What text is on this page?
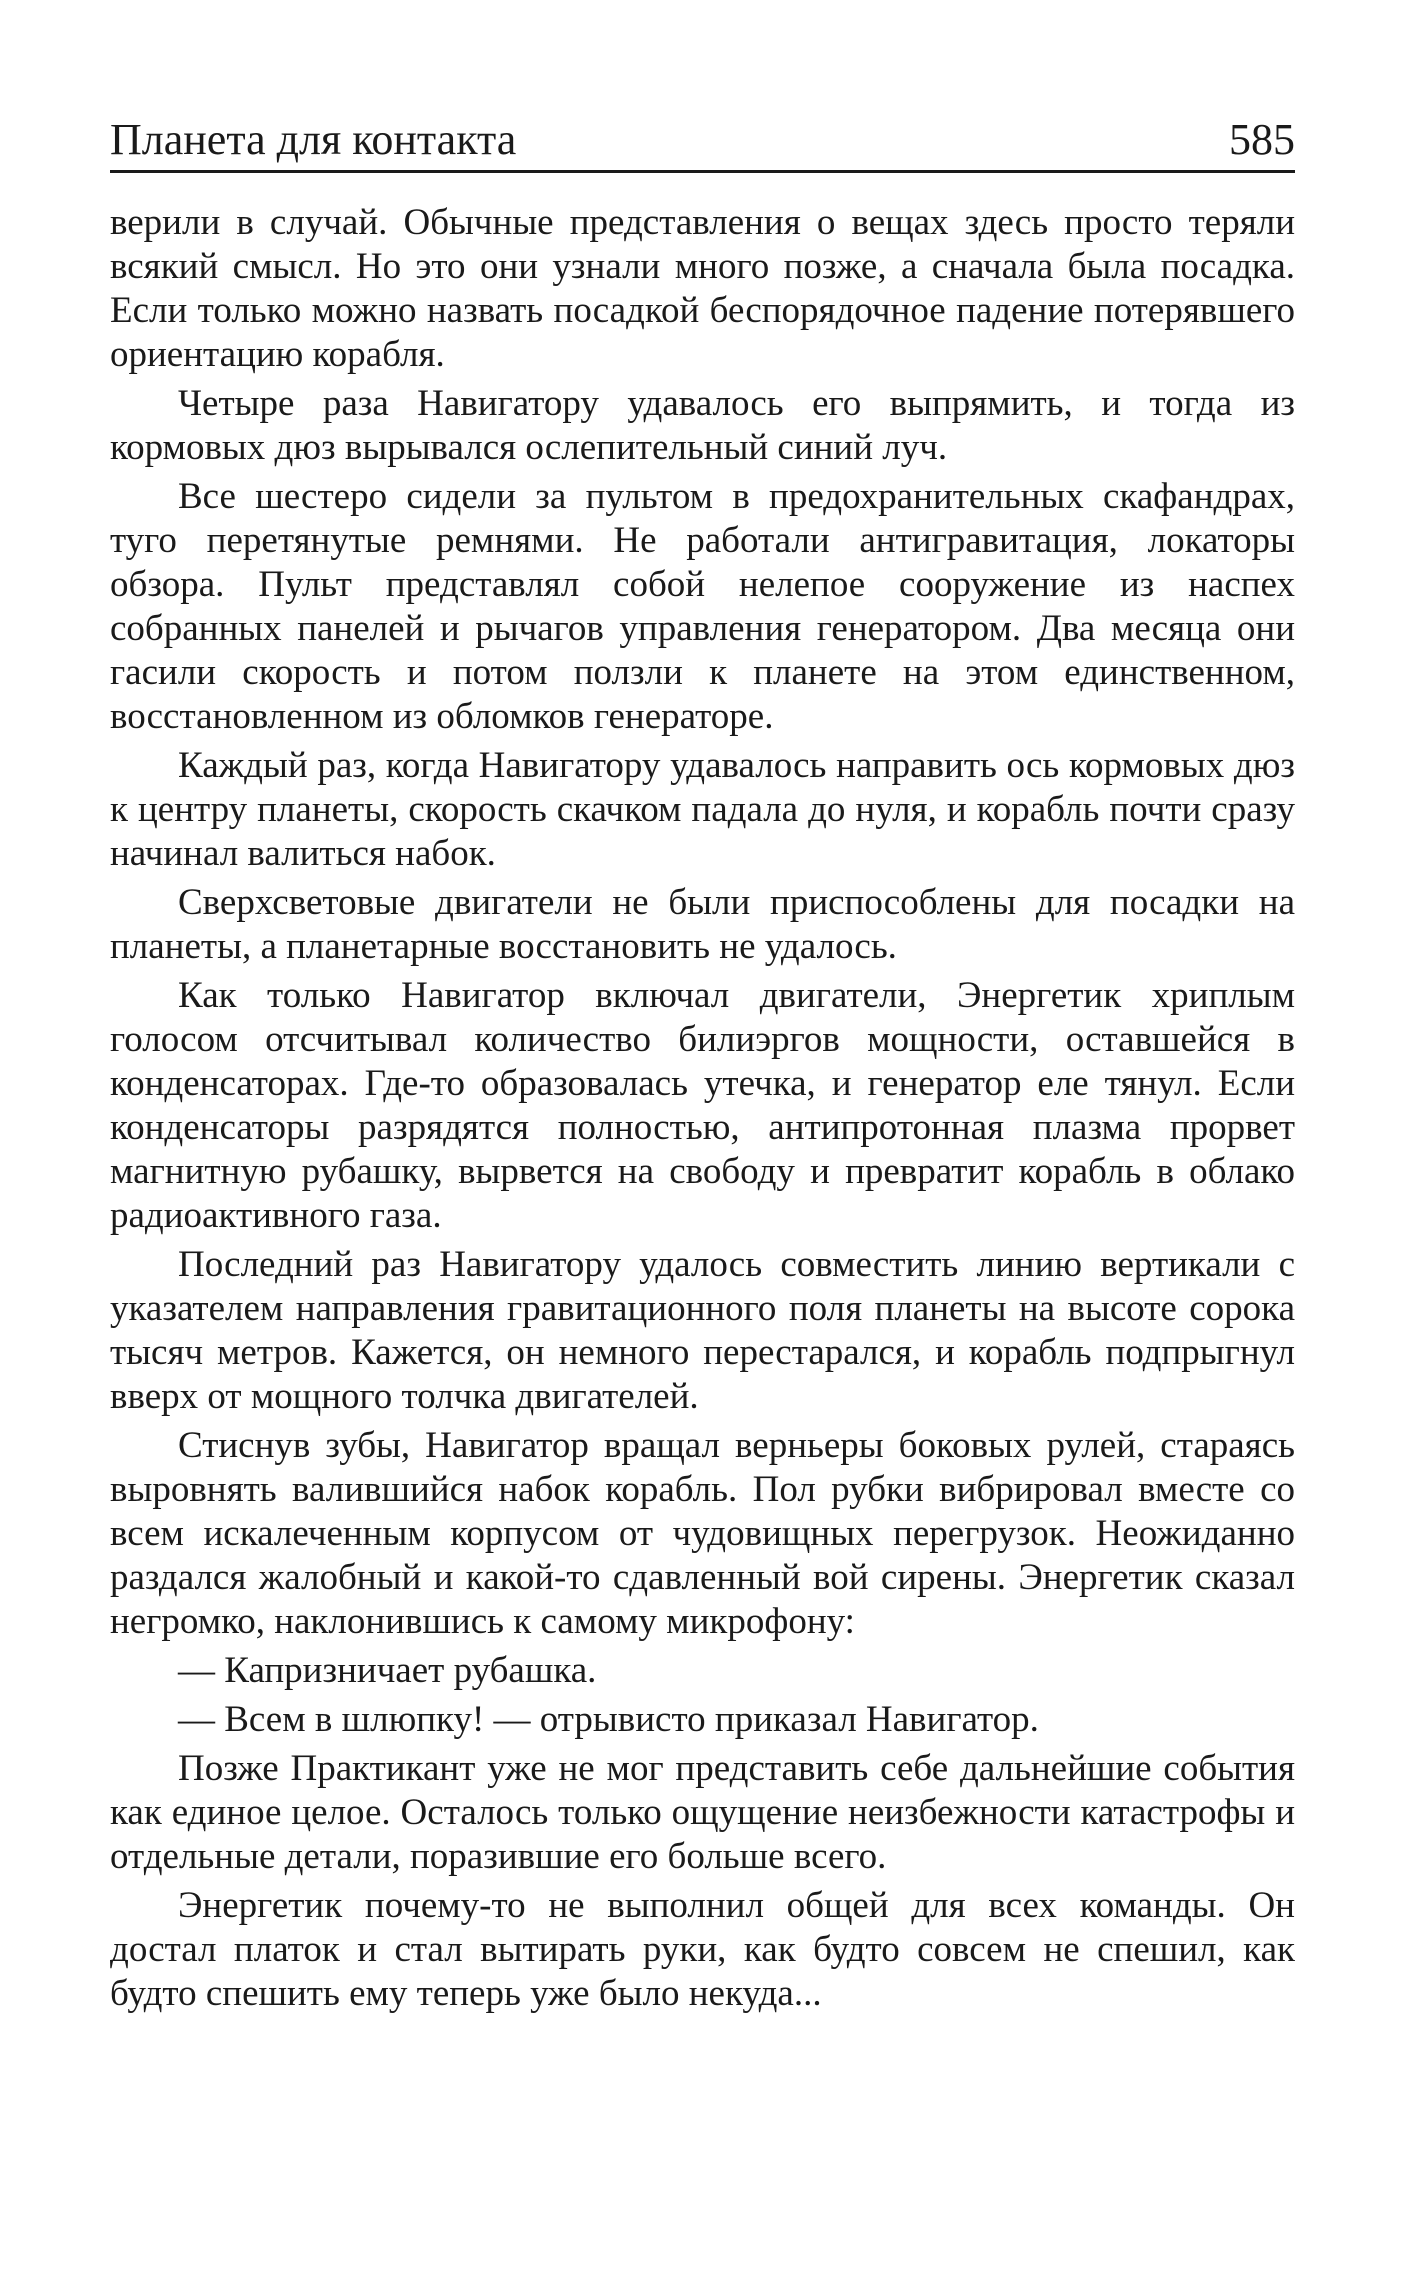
Планета для контакта	585

верили в случай. Обычные представления о вещах здесь просто теряли всякий смысл. Но это они узнали много позже, а сначала была посадка. Если только можно назвать посадкой беспорядочное падение потерявшего ориентацию корабля.

Четыре раза Навигатору удавалось его выпрямить, и тогда из кормовых дюз вырывался ослепительный синий луч.

Все шестеро сидели за пультом в предохранительных скафандрах, туго перетянутые ремнями. Не работали антигравитация, локаторы обзора. Пульт представлял собой нелепое сооружение из наспех собранных панелей и рычагов управления генератором. Два месяца они гасили скорость и потом ползли к планете на этом единственном, восстановленном из обломков генераторе.

Каждый раз, когда Навигатору удавалось направить ось кормовых дюз к центру планеты, скорость скачком падала до нуля, и корабль почти сразу начинал валиться набок.

Сверхсветовые двигатели не были приспособлены для посадки на планеты, а планетарные восстановить не удалось.

Как только Навигатор включал двигатели, Энергетик хриплым голосом отсчитывал количество билиэргов мощности, оставшейся в конденсаторах. Где-то образовалась утечка, и генератор еле тянул. Если конденсаторы разрядятся полностью, антипротонная плазма прорвет магнитную рубашку, вырвется на свободу и превратит корабль в облако радиоактивного газа.

Последний раз Навигатору удалось совместить линию вертикали с указателем направления гравитационного поля планеты на высоте сорока тысяч метров. Кажется, он немного перестарался, и корабль подпрыгнул вверх от мощного толчка двигателей.

Стиснув зубы, Навигатор вращал верньеры боковых рулей, стараясь выровнять валившийся набок корабль. Пол рубки вибрировал вместе со всем искалеченным корпусом от чудовищных перегрузок. Неожиданно раздался жалобный и какой-то сдавленный вой сирены. Энергетик сказал негромко, наклонившись к самому микрофону:

— Капризничает рубашка.

— Всем в шлюпку! — отрывисто приказал Навигатор.

Позже Практикант уже не мог представить себе дальнейшие события как единое целое. Осталось только ощущение неизбежности катастрофы и отдельные детали, поразившие его больше всего.

Энергетик почему-то не выполнил общей для всех команды. Он достал платок и стал вытирать руки, как будто совсем не спешил, как будто спешить ему теперь уже было некуда...
